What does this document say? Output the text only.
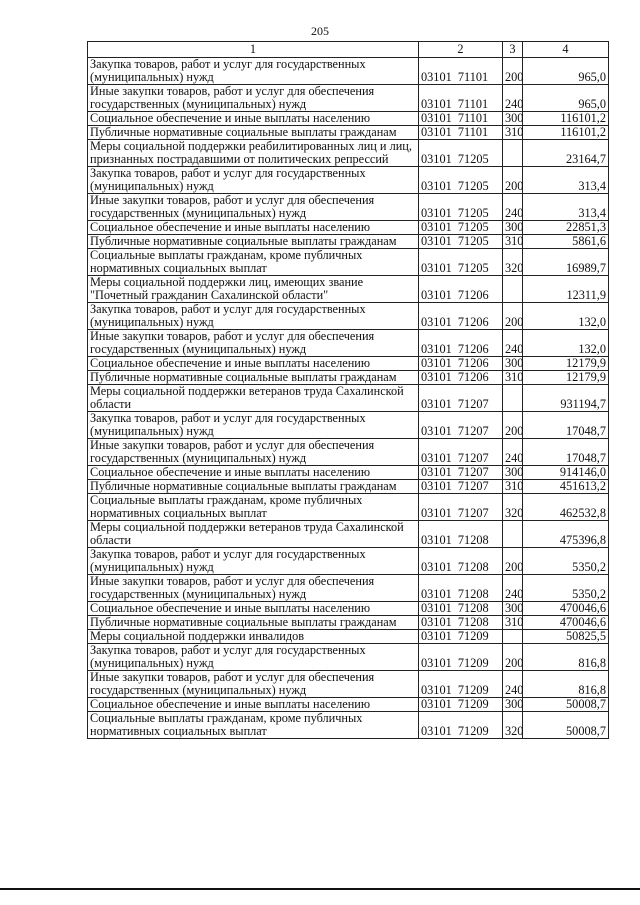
205
1	2	3	4
Закупка товаров, работ и услуг для государственных (муниципальных) нужд	03101  71101	200	965,0
Иные закупки товаров, работ и услуг для обеспечения государственных (муниципальных) нужд	03101  71101	240	965,0
Социальное обеспечение и иные выплаты населению	03101  71101	300	116101,2
Публичные нормативные социальные выплаты гражданам	03101  71101	310	116101,2
Меры социальной поддержки реабилитированных лиц и лиц, признанных пострадавшими от политических репрессий	03101  71205		23164,7
Закупка товаров, работ и услуг для государственных (муниципальных) нужд	03101  71205	200	313,4
Иные закупки товаров, работ и услуг для обеспечения государственных (муниципальных) нужд	03101  71205	240	313,4
Социальное обеспечение и иные выплаты населению	03101  71205	300	22851,3
Публичные нормативные социальные выплаты гражданам	03101  71205	310	5861,6
Социальные выплаты гражданам, кроме публичных нормативных социальных выплат	03101  71205	320	16989,7
Меры социальной поддержки лиц, имеющих звание "Почетный гражданин Сахалинской области"	03101  71206		12311,9
Закупка товаров, работ и услуг для государственных (муниципальных) нужд	03101  71206	200	132,0
Иные закупки товаров, работ и услуг для обеспечения государственных (муниципальных) нужд	03101  71206	240	132,0
Социальное обеспечение и иные выплаты населению	03101  71206	300	12179,9
Публичные нормативные социальные выплаты гражданам	03101  71206	310	12179,9
Меры социальной поддержки ветеранов труда Сахалинской области	03101  71207		931194,7
Закупка товаров, работ и услуг для государственных (муниципальных) нужд	03101  71207	200	17048,7
Иные закупки товаров, работ и услуг для обеспечения государственных (муниципальных) нужд	03101  71207	240	17048,7
Социальное обеспечение и иные выплаты населению	03101  71207	300	914146,0
Публичные нормативные социальные выплаты гражданам	03101  71207	310	451613,2
Социальные выплаты гражданам, кроме публичных нормативных социальных выплат	03101  71207	320	462532,8
Меры социальной поддержки ветеранов труда Сахалинской области	03101  71208		475396,8
Закупка товаров, работ и услуг для государственных (муниципальных) нужд	03101  71208	200	5350,2
Иные закупки товаров, работ и услуг для обеспечения государственных (муниципальных) нужд	03101  71208	240	5350,2
Социальное обеспечение и иные выплаты населению	03101  71208	300	470046,6
Публичные нормативные социальные выплаты гражданам	03101  71208	310	470046,6
Меры социальной поддержки инвалидов	03101  71209		50825,5
Закупка товаров, работ и услуг для государственных (муниципальных) нужд	03101  71209	200	816,8
Иные закупки товаров, работ и услуг для обеспечения государственных (муниципальных) нужд	03101  71209	240	816,8
Социальное обеспечение и иные выплаты населению	03101  71209	300	50008,7
Социальные выплаты гражданам, кроме публичных нормативных социальных выплат	03101  71209	320	50008,7
